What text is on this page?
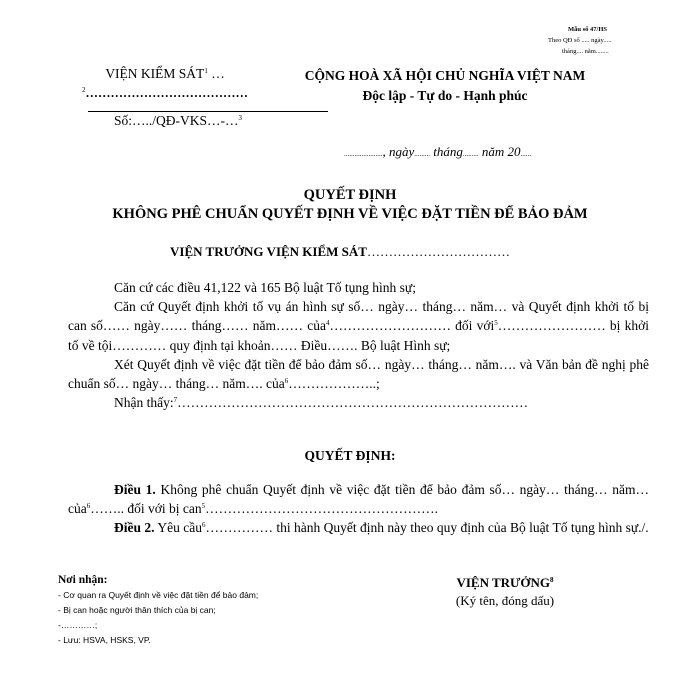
Mẫu số 47/HS
Theo QĐ số ..... ngày.....
tháng.... năm........
VIỆN KIỂM SÁT$^1$ …
$^2$…………………………………
Số:…../QĐ-VKS…-…$^3$
CỘNG HOÀ XÃ HỘI CHỦ NGHĨA VIỆT NAM
Độc lập - Tự do - Hạnh phúc
......................, ngày......... tháng......... năm 20......
QUYẾT ĐỊNH
KHÔNG PHÊ CHUẨN QUYẾT ĐỊNH VỀ VIỆC ĐẶT TIỀN ĐỂ BẢO ĐẢM
VIỆN TRƯỞNG VIỆN KIỂM SÁT……………………………

Căn cứ các điều 41,122 và 165 Bộ luật Tố tụng hình sự;

Căn cứ Quyết định khởi tố vụ án hình sự số… ngày… tháng… năm… và Quyết định khởi tố bị can số…… ngày…… tháng…… năm…… của$^4$……………………… đối với$^5$…………………… bị khởi tố về tội………… quy định tại khoản…… Điều……. Bộ luật Hình sự;

Xét Quyết định về việc đặt tiền để bảo đảm số… ngày… tháng… năm…. và Văn bản đề nghị phê chuẩn số… ngày… tháng… năm…. của$^6$………………..;

Nhận thấy:$^7$……………………………………………………………………

QUYẾT ĐỊNH:

Điều 1. Không phê chuẩn Quyết định về việc đặt tiền để bảo đảm số… ngày… tháng… năm… của$^6$…….. đối với bị can$^5$…………………………………………….

Điều 2. Yêu cầu$^6$…………… thi hành Quyết định này theo quy định của Bộ luật Tố tụng hình sự./.

Nơi nhận:
- Cơ quan ra Quyết định về việc đặt tiền để bảo đảm;
- Bị can hoặc người thân thích của bị can;
-…………;
- Lưu: HSVA, HSKS, VP.
VIỆN TRƯỞNG$^8$
(Ký tên, đóng dấu)
